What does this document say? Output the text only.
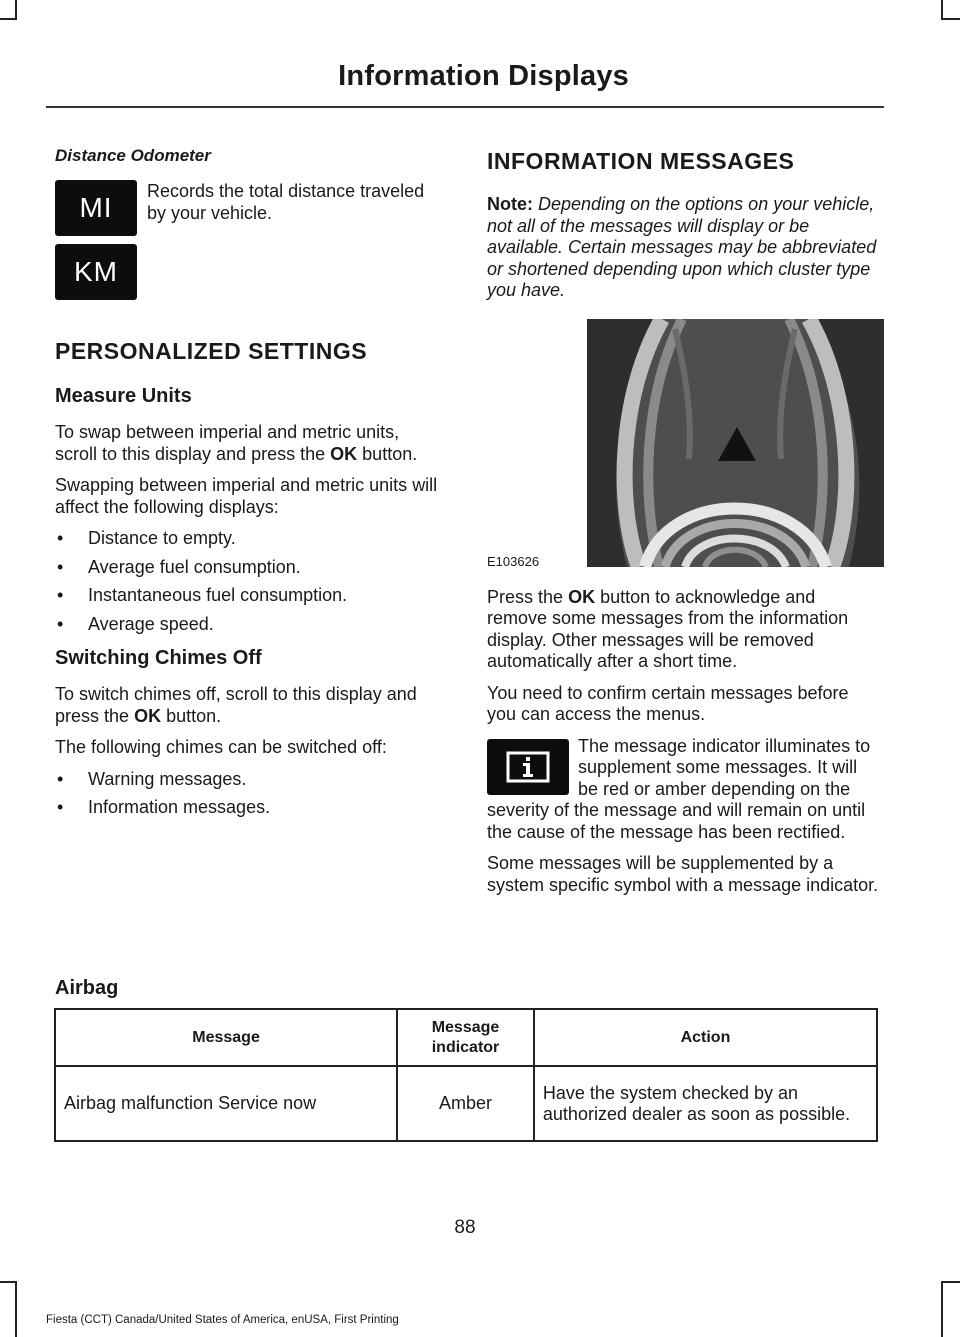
Information Displays
Distance Odometer
MI
KM

Records the total distance traveled by your vehicle.

PERSONALIZED SETTINGS
Measure Units

To swap between imperial and metric units, scroll to this display and press the OK button.

Swapping between imperial and metric units will affect the following displays:

• Distance to empty.
• Average fuel consumption.
• Instantaneous fuel consumption.
• Average speed.
Switching Chimes Off

To switch chimes off, scroll to this display and press the OK button.

The following chimes can be switched off:

• Warning messages.
• Information messages.
INFORMATION MESSAGES

Note: Depending on the options on your vehicle, not all of the messages will display or be available. Certain messages may be abbreviated or shortened depending upon which cluster type you have.

E103626

Press the OK button to acknowledge and remove some messages from the information display. Other messages will be removed automatically after a short time.

You need to confirm certain messages before you can access the menus.

The message indicator illuminates to supplement some messages. It will be red or amber depending on the severity of the message and will remain on until the cause of the message has been rectified.

Some messages will be supplemented by a system specific symbol with a message indicator.

Airbag
Message	Message indicator	Action
Airbag malfunction Service now	Amber	Have the system checked by an authorized dealer as soon as possible.
88
Fiesta (CCT) Canada/United States of America, enUSA, First Printing
